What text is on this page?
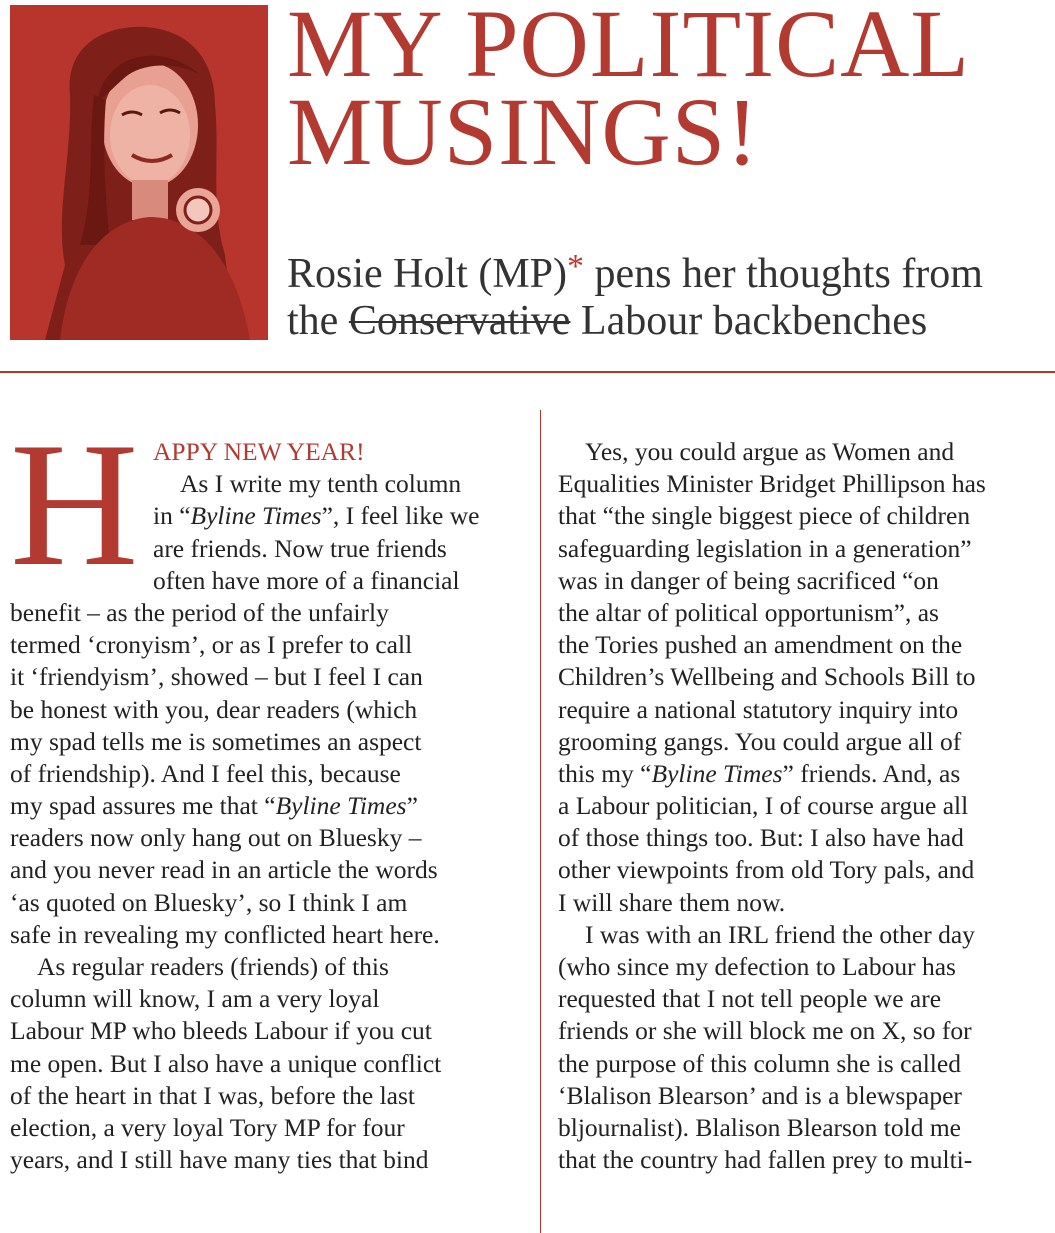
MY POLITICAL
MUSINGS!
Rosie Holt (MP)* pens her thoughts from
the Conservative Labour backbenches
H APPY NEW YEAR!
As I write my tenth column
in “Byline Times”, I feel like we
are friends. Now true friends
often have more of a financial
benefit – as the period of the unfairly
termed ‘cronyism’, or as I prefer to call
it ‘friendyism’, showed – but I feel I can
be honest with you, dear readers (which
my spad tells me is sometimes an aspect
of friendship). And I feel this, because
my spad assures me that “Byline Times”
readers now only hang out on Bluesky –
and you never read in an article the words
‘as quoted on Bluesky’, so I think I am
safe in revealing my conflicted heart here.
As regular readers (friends) of this
column will know, I am a very loyal
Labour MP who bleeds Labour if you cut
me open. But I also have a unique conflict
of the heart in that I was, before the last
election, a very loyal Tory MP for four
years, and I still have many ties that bind
Yes, you could argue as Women and
Equalities Minister Bridget Phillipson has
that “the single biggest piece of children
safeguarding legislation in a generation”
was in danger of being sacrificed “on
the altar of political opportunism”, as
the Tories pushed an amendment on the
Children’s Wellbeing and Schools Bill to
require a national statutory inquiry into
grooming gangs. You could argue all of
this my “Byline Times” friends. And, as
a Labour politician, I of course argue all
of those things too. But: I also have had
other viewpoints from old Tory pals, and
I will share them now.
I was with an IRL friend the other day
(who since my defection to Labour has
requested that I not tell people we are
friends or she will block me on X, so for
the purpose of this column she is called
‘Blalison Blearson’ and is a blewspaper
bljournalist). Blalison Blearson told me
that the country had fallen prey to multi-
